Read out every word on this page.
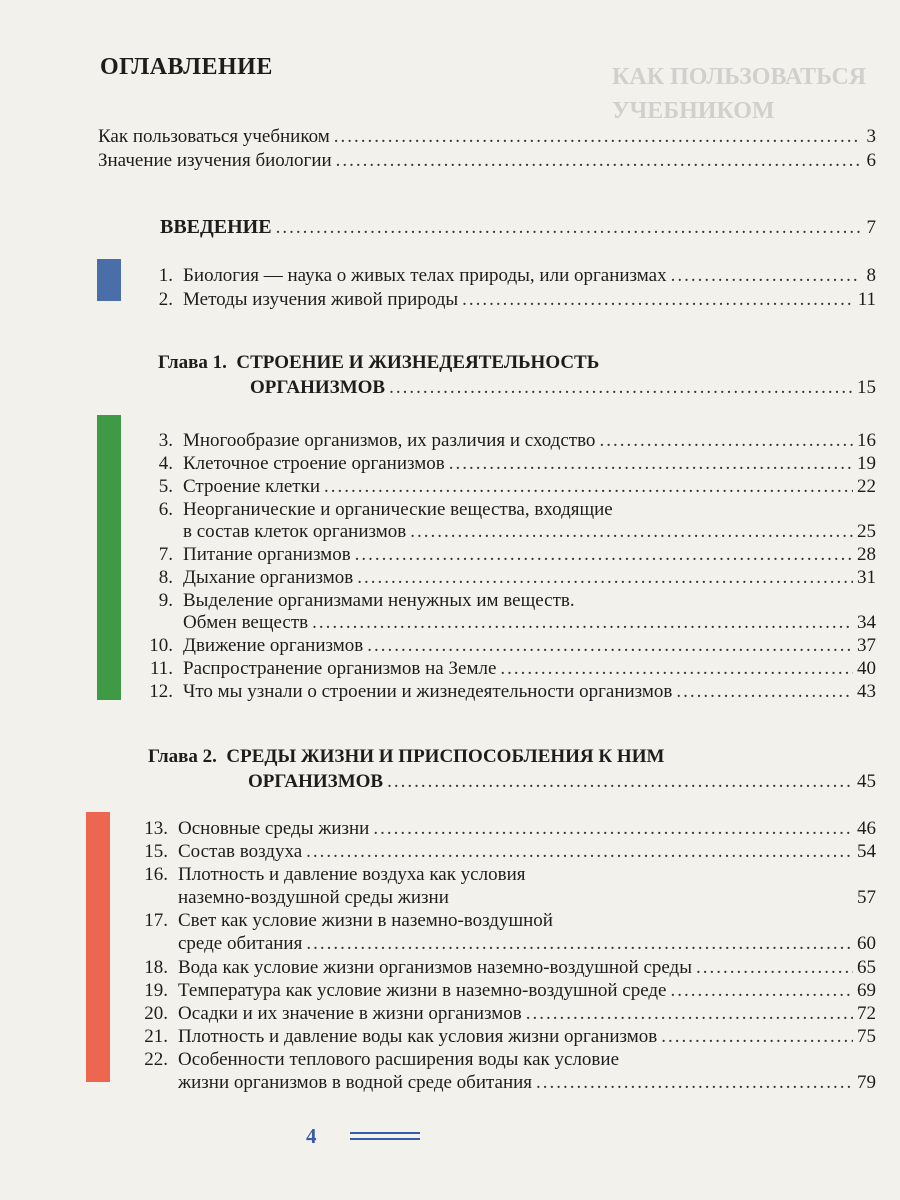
КАК ПОЛЬЗОВАТЬСЯ
УЧЕБНИКОМ
ОГЛАВЛЕНИЕ
Как пользоваться учебником .....	3
Значение изучения биологии .....	6
ВВЕДЕНИЕ .....	7
1. Биология — наука о живых телах природы, или организмах .....	8
2. Методы изучения живой природы .....	11
Глава 1. СТРОЕНИЕ И ЖИЗНЕДЕЯТЕЛЬНОСТЬ
ОРГАНИЗМОВ .....	15
3. Многообразие организмов, их различия и сходство .....	16
4. Клеточное строение организмов .....	19
5. Строение клетки .....	22
6. Неорганические и органические вещества, входящие
в состав клеток организмов .....	25
7. Питание организмов .....	28
8. Дыхание организмов .....	31
9. Выделение организмами ненужных им веществ.
Обмен веществ .....	34
10. Движение организмов .....	37
11. Распространение организмов на Земле .....	40
12. Что мы узнали о строении и жизнедеятельности организмов .....	43
Глава 2. СРЕДЫ ЖИЗНИ И ПРИСПОСОБЛЕНИЯ К НИМ
ОРГАНИЗМОВ .....	45
13. Основные среды жизни .....	46
15. Состав воздуха .....	54
16. Плотность и давление воздуха как условия
наземно-воздушной среды жизни	57
17. Свет как условие жизни в наземно-воздушной
среде обитания .....	60
18. Вода как условие жизни организмов наземно-воздушной среды .....	65
19. Температура как условие жизни в наземно-воздушной среде .....	69
20. Осадки и их значение в жизни организмов .....	72
21. Плотность и давление воды как условия жизни организмов .....	75
22. Особенности теплового расширения воды как условие
жизни организмов в водной среде обитания .....	79
4
